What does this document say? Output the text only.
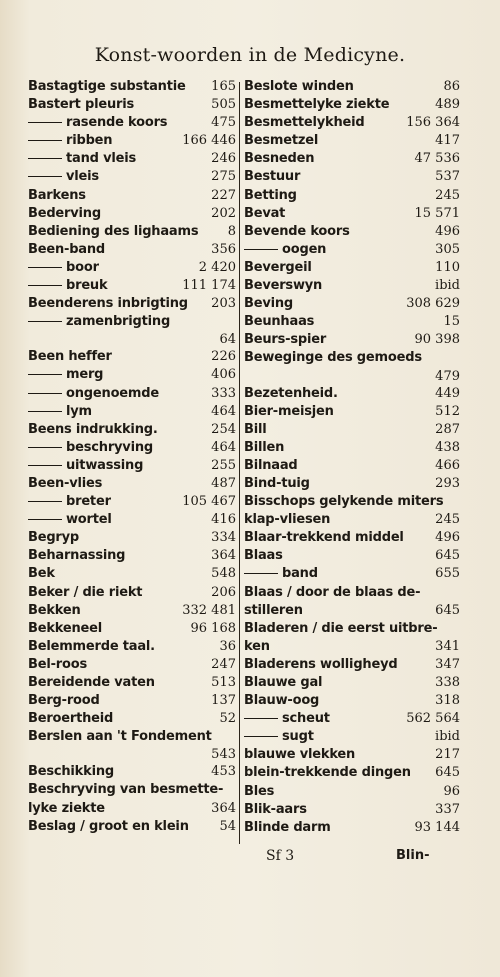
Konst-woorden in de Medicyne.
Bastagtige substantie 165
Bastert pleuris	505
rasende koors	475
ribben	166 446
tand vleis	246
vleis	275
Barkens	227
Bederving	202
Bediening des lighaams 8
Been-band	356
boor	2 420
breuk	111 174
Beenderens inbrigting 203
zamenbrigting
64
Been heffer	226
merg	406
ongenoemde	333
lym	464
Beens indrukking.	254
beschryving	464
uitwassing	255
Been-vlies	487
breter	105 467
wortel	416
Begryp	334
Beharnassing	364
Bek	548
Beker / die riekt	206
Bekken	332 481
Bekkeneel	96 168
Belemmerde taal.	36
Bel-roos	247
Bereidende vaten	513
Berg-rood	137
Beroertheid	52
Berslen aan 't Fondement
543
Beschikking	453
Beschryving van besmette-
lyke ziekte	364
Beslag / groot en klein 54
Beslote winden	86
Besmettelyke ziekte	489
Besmettelykheid	156 364
Besmetzel	417
Besneden	47 536
Bestuur	537
Betting	245
Bevat	15 571
Bevende koors	496
oogen	305
Bevergeil	110
Beverswyn	ibid
Beving	308 629
Beunhaas	15
Beurs-spier	90 398
Beweginge des gemoeds
479
Bezetenheid.	449
Bier-meisjen	512
Bill	287
Billen	438
Bilnaad	466
Bind-tuig	293
Bisschops gelykende miters
klap-vliesen	245
Blaar-trekkend middel 496
Blaas	645
band	655
Blaas / door de blaas de-
stilleren	645
Bladeren / die eerst uitbre-
ken	341
Bladerens wolligheyd	347
Blauwe gal	338
Blauw-oog	318
scheut	562 564
sugt	ibid
blauwe vlekken	217
blein-trekkende dingen 645
Bles	96
Blik-aars	337
Blinde darm	93 144
Sf 3	Blin-
